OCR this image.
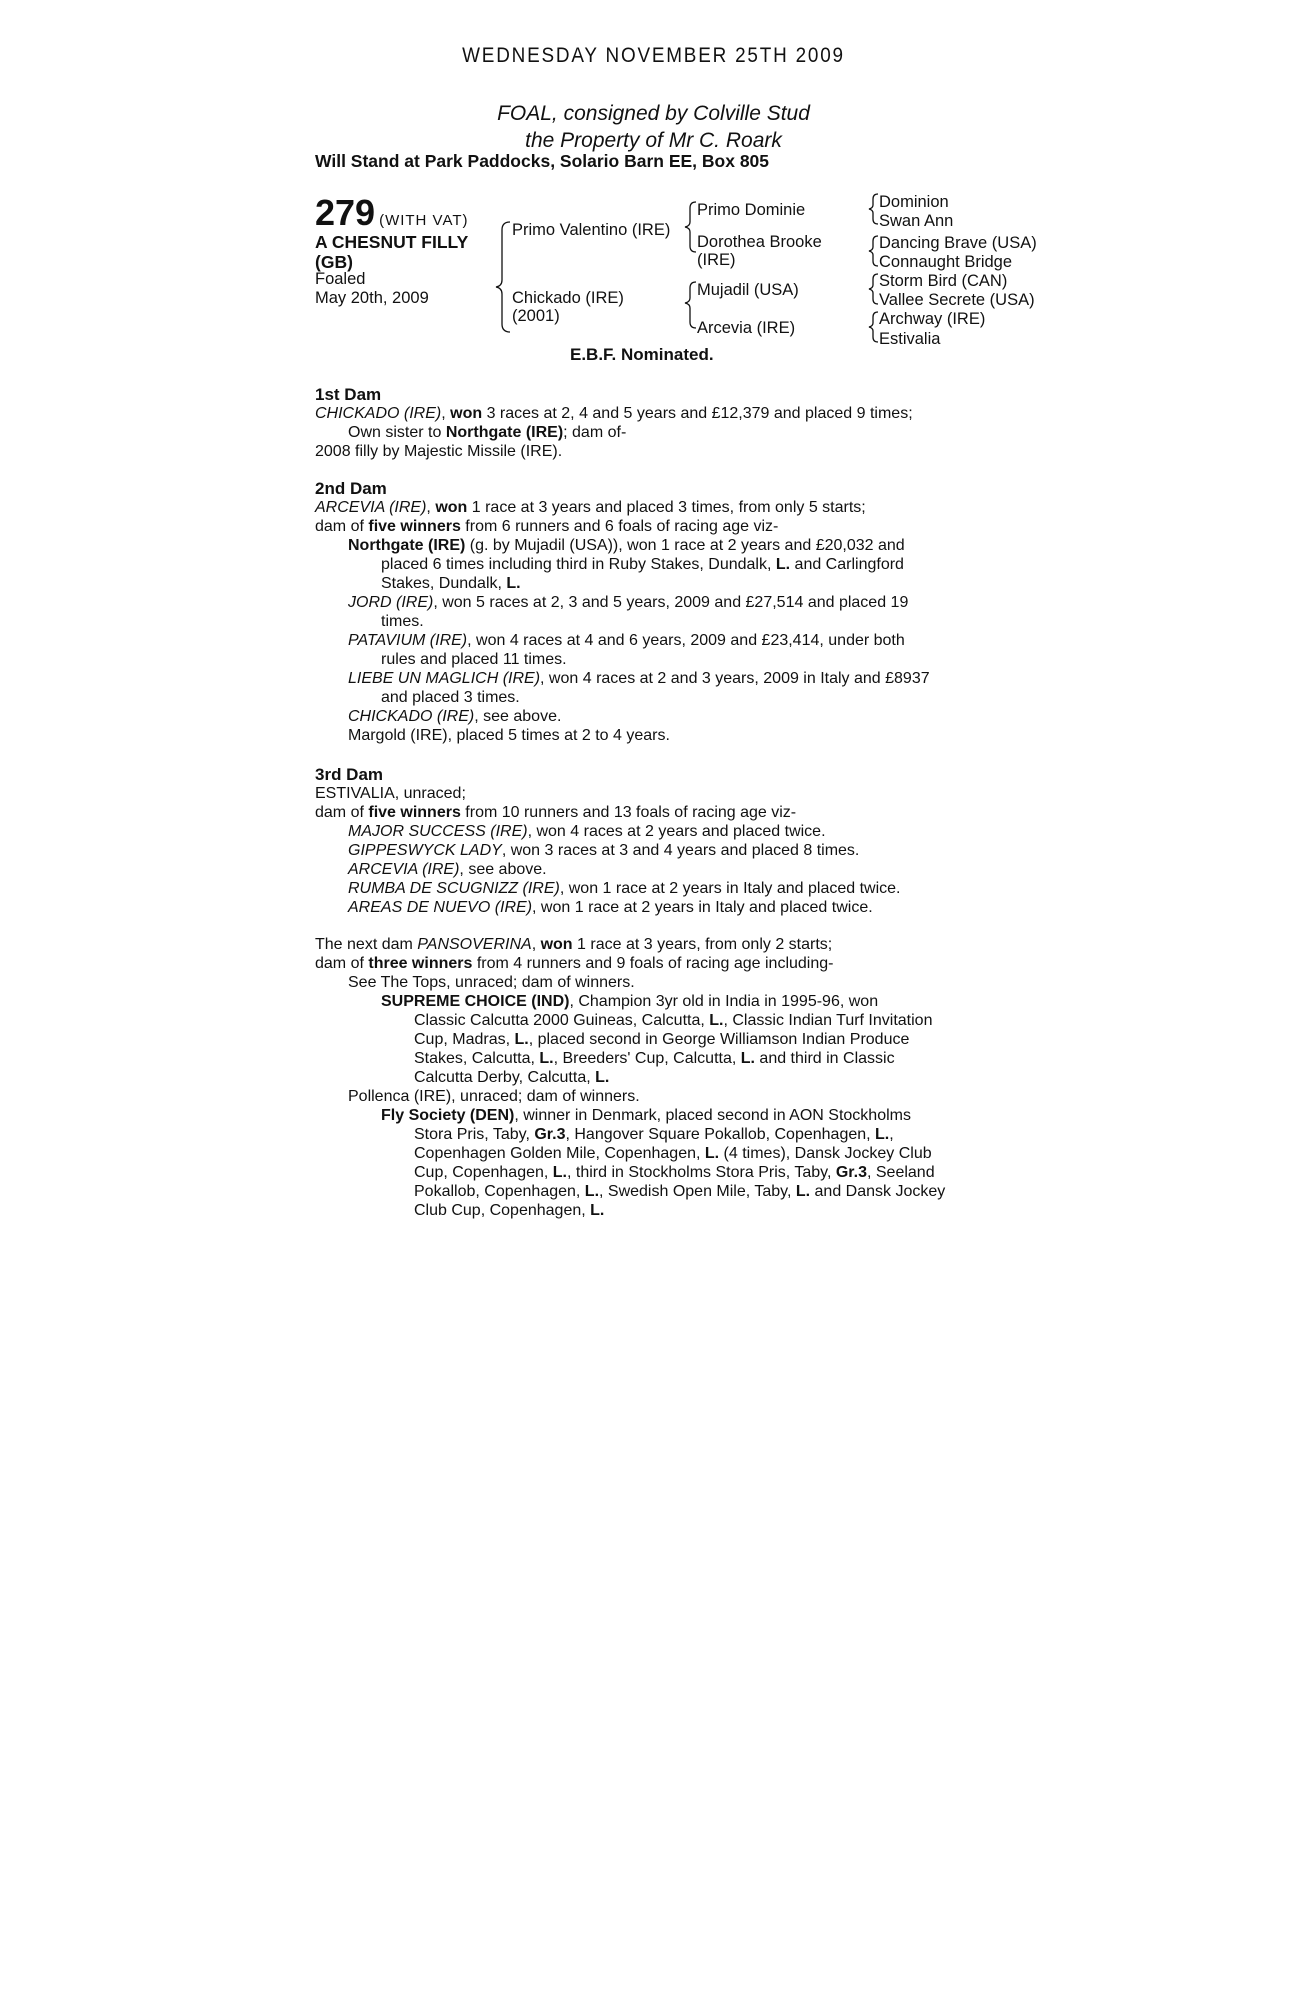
WEDNESDAY NOVEMBER 25TH 2009
FOAL, consigned by Colville Stud
the Property of Mr C. Roark
Will Stand at Park Paddocks, Solario Barn EE, Box 805
279 (WITH VAT)
A CHESNUT FILLY
(GB)
Foaled
May 20th, 2009
Primo Valentino (IRE)
Chickado (IRE)
(2001)
Primo Dominie
Dorothea Brooke
(IRE)
Mujadil (USA)
Arcevia (IRE)
Dominion
Swan Ann
Dancing Brave (USA)
Connaught Bridge
Storm Bird (CAN)
Vallee Secrete (USA)
Archway (IRE)
Estivalia
E.B.F. Nominated.
1st Dam
CHICKADO (IRE), won 3 races at 2, 4 and 5 years and £12,379 and placed 9 times;
Own sister to Northgate (IRE); dam of-
2008 filly by Majestic Missile (IRE).
2nd Dam
ARCEVIA (IRE), won 1 race at 3 years and placed 3 times, from only 5 starts;
dam of five winners from 6 runners and 6 foals of racing age viz-
Northgate (IRE) (g. by Mujadil (USA)), won 1 race at 2 years and £20,032 and
placed 6 times including third in Ruby Stakes, Dundalk, L. and Carlingford
Stakes, Dundalk, L.
JORD (IRE), won 5 races at 2, 3 and 5 years, 2009 and £27,514 and placed 19
times.
PATAVIUM (IRE), won 4 races at 4 and 6 years, 2009 and £23,414, under both
rules and placed 11 times.
LIEBE UN MAGLICH (IRE), won 4 races at 2 and 3 years, 2009 in Italy and £8937
and placed 3 times.
CHICKADO (IRE), see above.
Margold (IRE), placed 5 times at 2 to 4 years.
3rd Dam
ESTIVALIA, unraced;
dam of five winners from 10 runners and 13 foals of racing age viz-
MAJOR SUCCESS (IRE), won 4 races at 2 years and placed twice.
GIPPESWYCK LADY, won 3 races at 3 and 4 years and placed 8 times.
ARCEVIA (IRE), see above.
RUMBA DE SCUGNIZZ (IRE), won 1 race at 2 years in Italy and placed twice.
AREAS DE NUEVO (IRE), won 1 race at 2 years in Italy and placed twice.
The next dam PANSOVERINA, won 1 race at 3 years, from only 2 starts;
dam of three winners from 4 runners and 9 foals of racing age including-
See The Tops, unraced; dam of winners.
SUPREME CHOICE (IND), Champion 3yr old in India in 1995-96, won
Classic Calcutta 2000 Guineas, Calcutta, L., Classic Indian Turf Invitation
Cup, Madras, L., placed second in George Williamson Indian Produce
Stakes, Calcutta, L., Breeders' Cup, Calcutta, L. and third in Classic
Calcutta Derby, Calcutta, L.
Pollenca (IRE), unraced; dam of winners.
Fly Society (DEN), winner in Denmark, placed second in AON Stockholms
Stora Pris, Taby, Gr.3, Hangover Square Pokallob, Copenhagen, L.,
Copenhagen Golden Mile, Copenhagen, L. (4 times), Dansk Jockey Club
Cup, Copenhagen, L., third in Stockholms Stora Pris, Taby, Gr.3, Seeland
Pokallob, Copenhagen, L., Swedish Open Mile, Taby, L. and Dansk Jockey
Club Cup, Copenhagen, L.
